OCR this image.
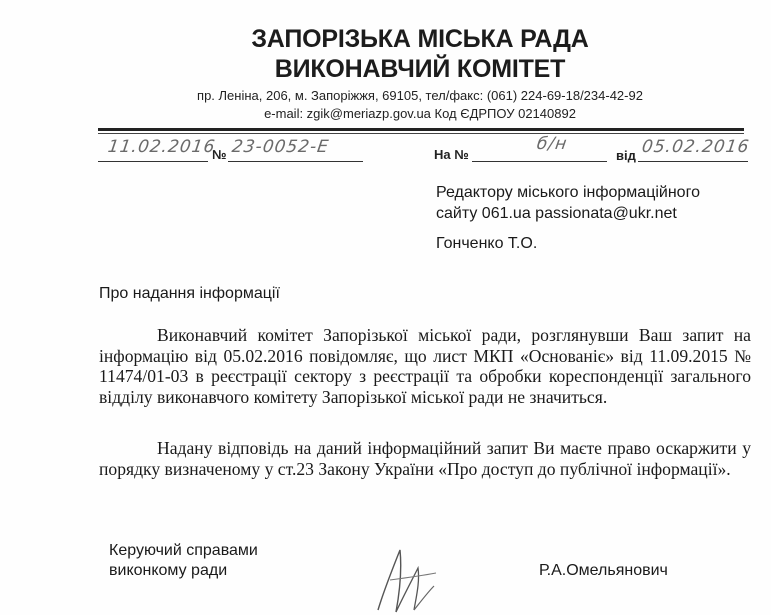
ЗАПОРІЗЬКА МІСЬКА РАДА
ВИКОНАВЧИЙ КОМІТЕТ
пр. Леніна, 206, м. Запоріжжя, 69105, тел/факс: (061) 224-69-18/234-42-92
e-mail: zgik@meriazp.gov.ua Код ЄДРПОУ 02140892
11.02.2016
№ 23-0052-E	На №
б/н
від 05.02.2016
Редактору міського інформаційного
сайту 061.ua passionata@ukr.net
Гонченко Т.О.
Про надання інформації
Виконавчий комітет Запорізької міської ради, розглянувши Ваш запит на інформацію від 05.02.2016 повідомляє, що лист МКП «Основаніє» від 11.09.2015 № 11474/01-03 в реєстрації сектору з реєстрації та обробки кореспонденції загального відділу виконавчого комітету Запорізької міської ради не значиться.
Надану відповідь на даний інформаційний запит Ви маєте право оскаржити у порядку визначеному у ст.23 Закону України «Про доступ до публічної інформації».
Керуючий справами
виконкому ради	Р.А.Омельянович
